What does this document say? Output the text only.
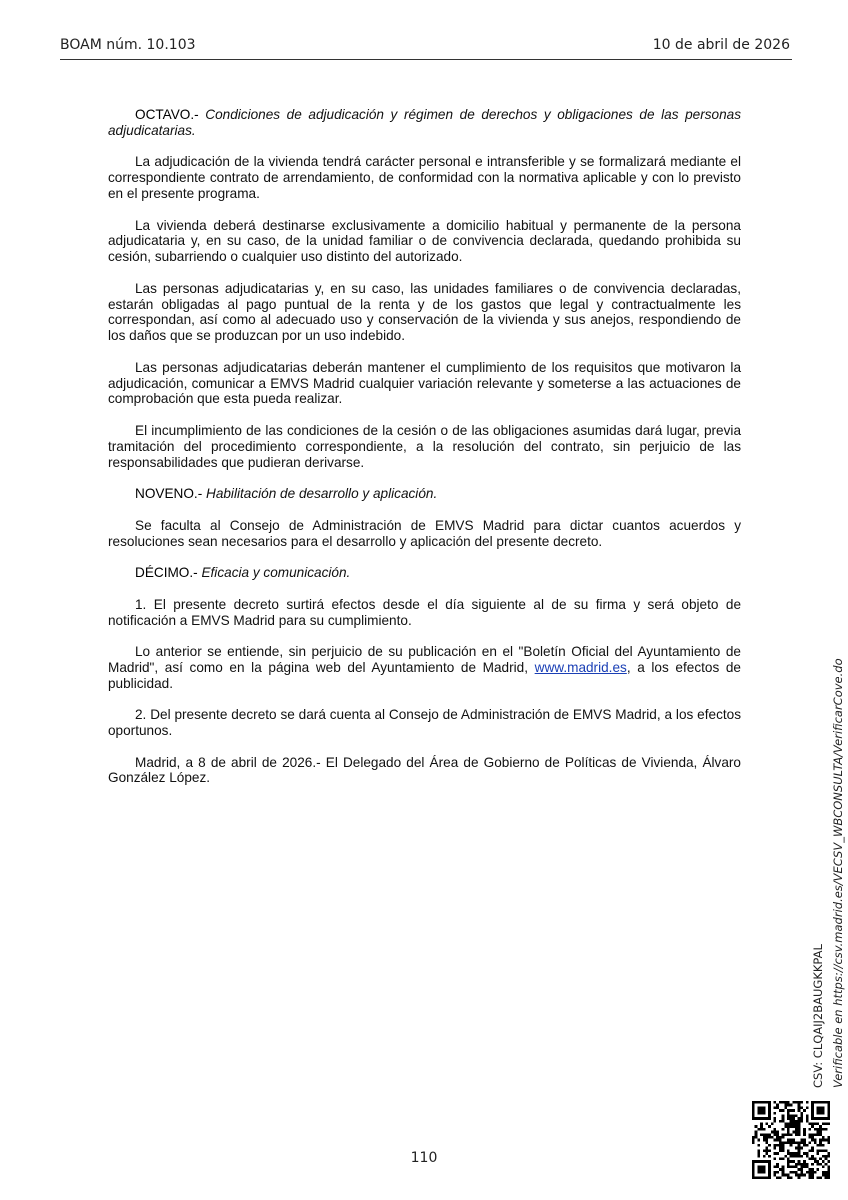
BOAM núm. 10.103	10 de abril de 2026

OCTAVO.- Condiciones de adjudicación y régimen de derechos y obligaciones de las personas adjudicatarias.

La adjudicación de la vivienda tendrá carácter personal e intransferible y se formalizará mediante el correspondiente contrato de arrendamiento, de conformidad con la normativa aplicable y con lo previsto en el presente programa.

La vivienda deberá destinarse exclusivamente a domicilio habitual y permanente de la persona adjudicataria y, en su caso, de la unidad familiar o de convivencia declarada, quedando prohibida su cesión, subarriendo o cualquier uso distinto del autorizado.

Las personas adjudicatarias y, en su caso, las unidades familiares o de convivencia declaradas, estarán obligadas al pago puntual de la renta y de los gastos que legal y contractualmente les correspondan, así como al adecuado uso y conservación de la vivienda y sus anejos, respondiendo de los daños que se produzcan por un uso indebido.

Las personas adjudicatarias deberán mantener el cumplimiento de los requisitos que motivaron la adjudicación, comunicar a EMVS Madrid cualquier variación relevante y someterse a las actuaciones de comprobación que esta pueda realizar.

El incumplimiento de las condiciones de la cesión o de las obligaciones asumidas dará lugar, previa tramitación del procedimiento correspondiente, a la resolución del contrato, sin perjuicio de las responsabilidades que pudieran derivarse.

NOVENO.- Habilitación de desarrollo y aplicación.

Se faculta al Consejo de Administración de EMVS Madrid para dictar cuantos acuerdos y resoluciones sean necesarios para el desarrollo y aplicación del presente decreto.

DÉCIMO.- Eficacia y comunicación.

1. El presente decreto surtirá efectos desde el día siguiente al de su firma y será objeto de notificación a EMVS Madrid para su cumplimiento.

Lo anterior se entiende, sin perjuicio de su publicación en el "Boletín Oficial del Ayuntamiento de Madrid", así como en la página web del Ayuntamiento de Madrid, www.madrid.es, a los efectos de publicidad.

2. Del presente decreto se dará cuenta al Consejo de Administración de EMVS Madrid, a los efectos oportunos.

Madrid, a 8 de abril de 2026.- El Delegado del Área de Gobierno de Políticas de Vivienda, Álvaro González López.

CSV: CLQAIJ2BAUGKKPAL Verificable en https://csv.madrid.es/VECSV_WBCONSULTA/VerificarCove.do
110
